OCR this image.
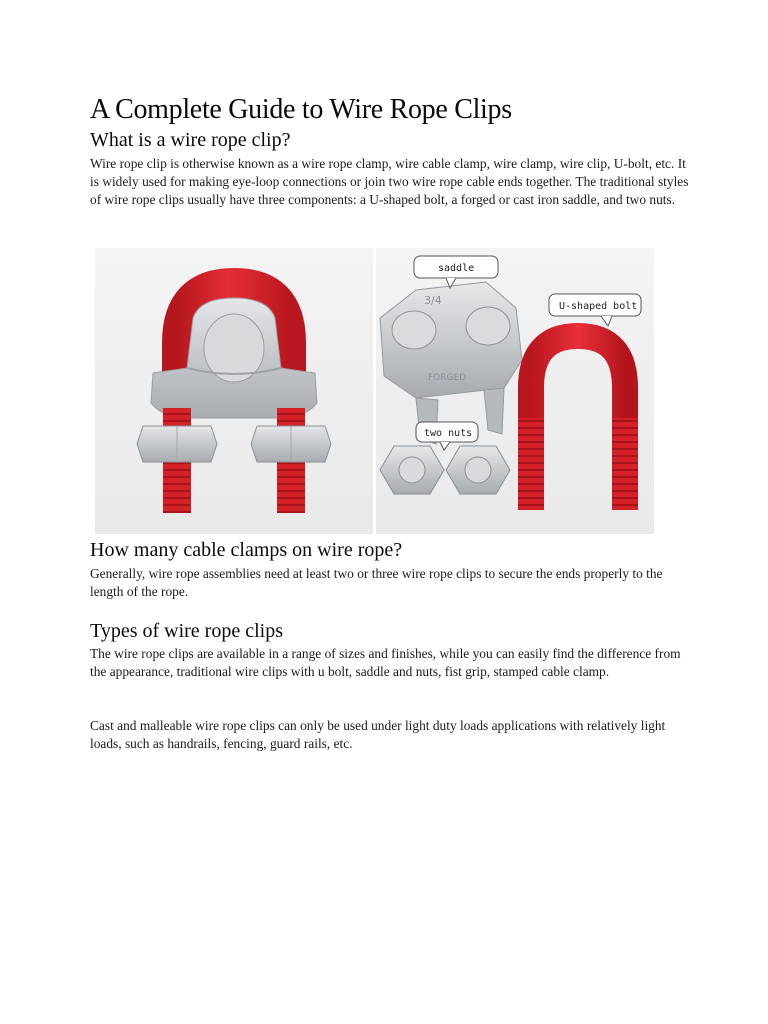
A Complete Guide to Wire Rope Clips
What is a wire rope clip?

Wire rope clip is otherwise known as a wire rope clamp, wire cable clamp, wire clamp, wire clip, U-bolt, etc. It is widely used for making eye-loop connections or join two wire rope cable ends together. The traditional styles of wire rope clips usually have three components: a U-shaped bolt, a forged or cast iron saddle, and two nuts.

3/4
FORGED
saddle
U-shaped bolt
two nuts
How many cable clamps on wire rope?

Generally, wire rope assemblies need at least two or three wire rope clips to secure the ends properly to the length of the rope.

Types of wire rope clips

The wire rope clips are available in a range of sizes and finishes, while you can easily find the difference from the appearance, traditional wire clips with u bolt, saddle and nuts, fist grip, stamped cable clamp.

Cast and malleable wire rope clips can only be used under light duty loads applications with relatively light loads, such as handrails, fencing, guard rails, etc.
